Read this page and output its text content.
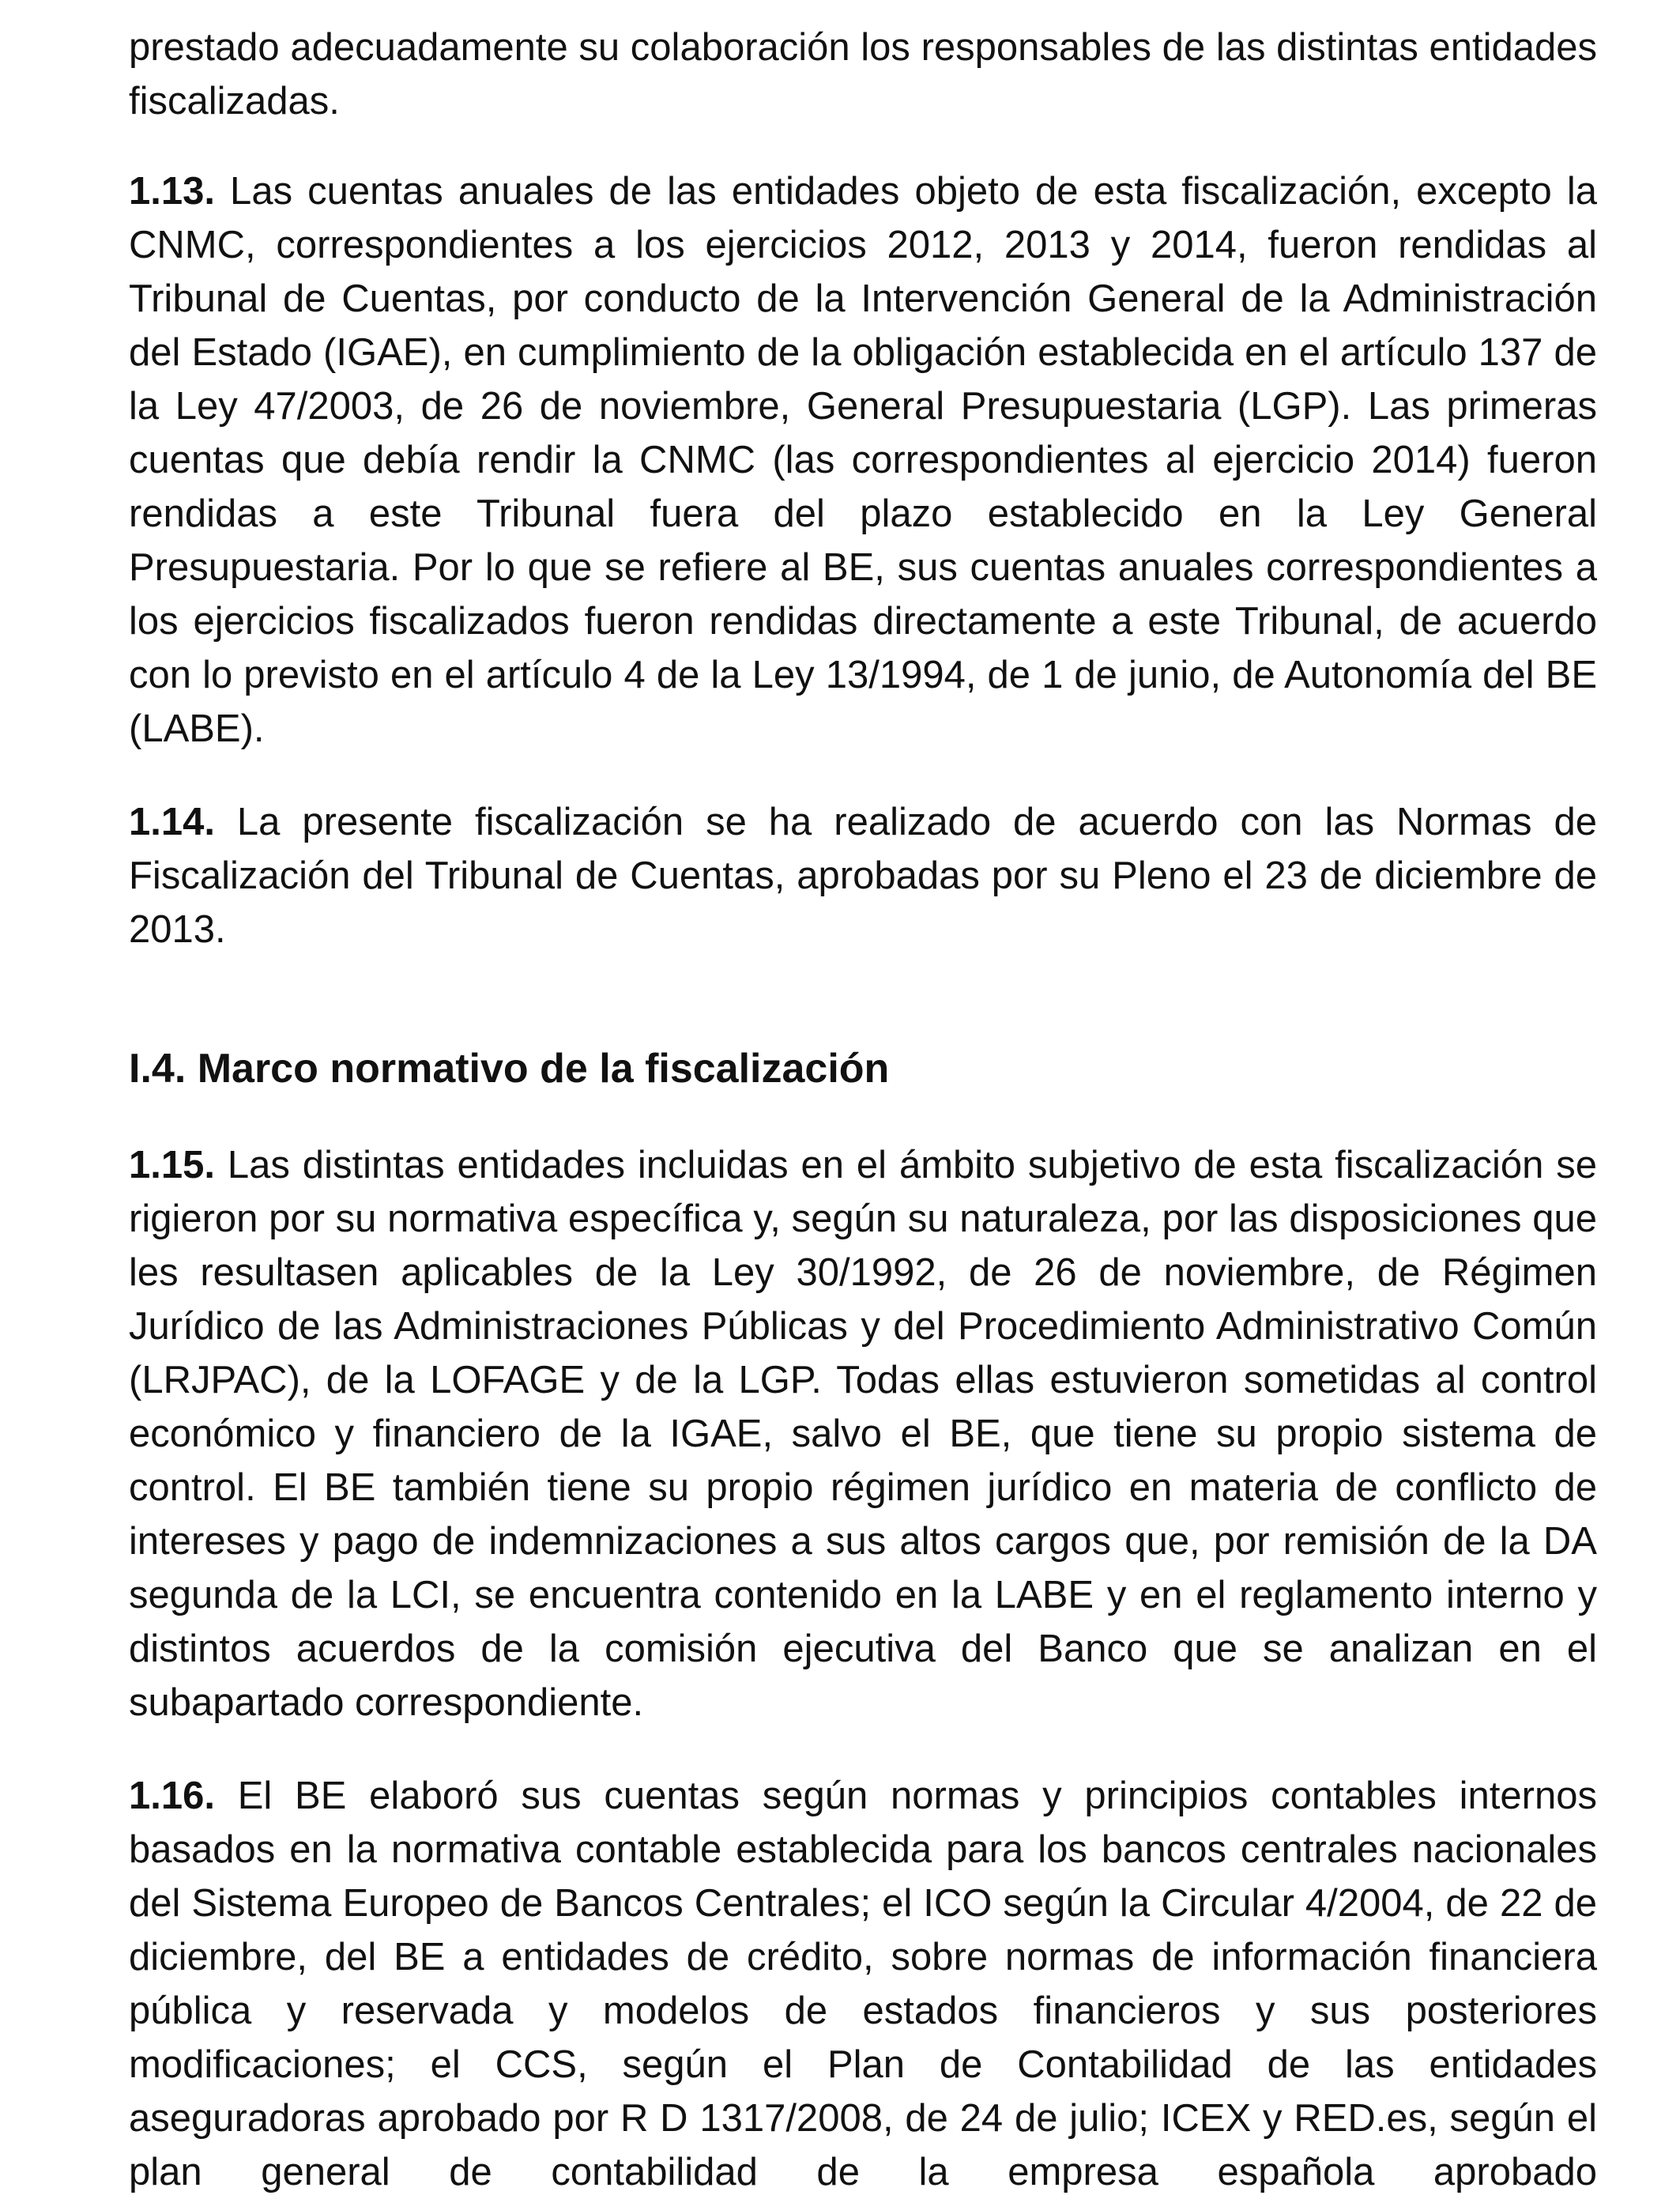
prestado adecuadamente su colaboración los responsables de las distintas entidades fiscalizadas.

1.13. Las cuentas anuales de las entidades objeto de esta fiscalización, excepto la CNMC, correspondientes a los ejercicios 2012, 2013 y 2014, fueron rendidas al Tribunal de Cuentas, por conducto de la Intervención General de la Administración del Estado (IGAE), en cumplimiento de la obligación establecida en el artículo 137 de la Ley 47/2003, de 26 de noviembre, General Presupuestaria (LGP). Las primeras cuentas que debía rendir la CNMC (las correspondientes al ejercicio 2014) fueron rendidas a este Tribunal fuera del plazo establecido en la Ley General Presupuestaria. Por lo que se refiere al BE, sus cuentas anuales correspondientes a los ejercicios fiscalizados fueron rendidas directamente a este Tribunal, de acuerdo con lo previsto en el artículo 4 de la Ley 13/1994, de 1 de junio, de Autonomía del BE (LABE).

1.14. La presente fiscalización se ha realizado de acuerdo con las Normas de Fiscalización del Tribunal de Cuentas, aprobadas por su Pleno el 23 de diciembre de 2013.

I.4. Marco normativo de la fiscalización

1.15. Las distintas entidades incluidas en el ámbito subjetivo de esta fiscalización se rigieron por su normativa específica y, según su naturaleza, por las disposiciones que les resultasen aplicables de la Ley 30/1992, de 26 de noviembre, de Régimen Jurídico de las Administraciones Públicas y del Procedimiento Administrativo Común (LRJPAC), de la LOFAGE y de la LGP. Todas ellas estuvieron sometidas al control económico y financiero de la IGAE, salvo el BE, que tiene su propio sistema de control. El BE también tiene su propio régimen jurídico en materia de conflicto de intereses y pago de indemnizaciones a sus altos cargos que, por remisión de la DA segunda de la LCI, se encuentra contenido en la LABE y en el reglamento interno y distintos acuerdos de la comisión ejecutiva del Banco que se analizan en el subapartado correspondiente.

1.16. El BE elaboró sus cuentas según normas y principios contables internos basados en la normativa contable establecida para los bancos centrales nacionales del Sistema Europeo de Bancos Centrales; el ICO según la Circular 4/2004, de 22 de diciembre, del BE a entidades de crédito, sobre normas de información financiera pública y reservada y modelos de estados financieros y sus posteriores modificaciones; el CCS, según el Plan de Contabilidad de las entidades aseguradoras aprobado por R D 1317/2008, de 24 de julio; ICEX y RED.es, según el plan general de contabilidad de la empresa española aprobado
